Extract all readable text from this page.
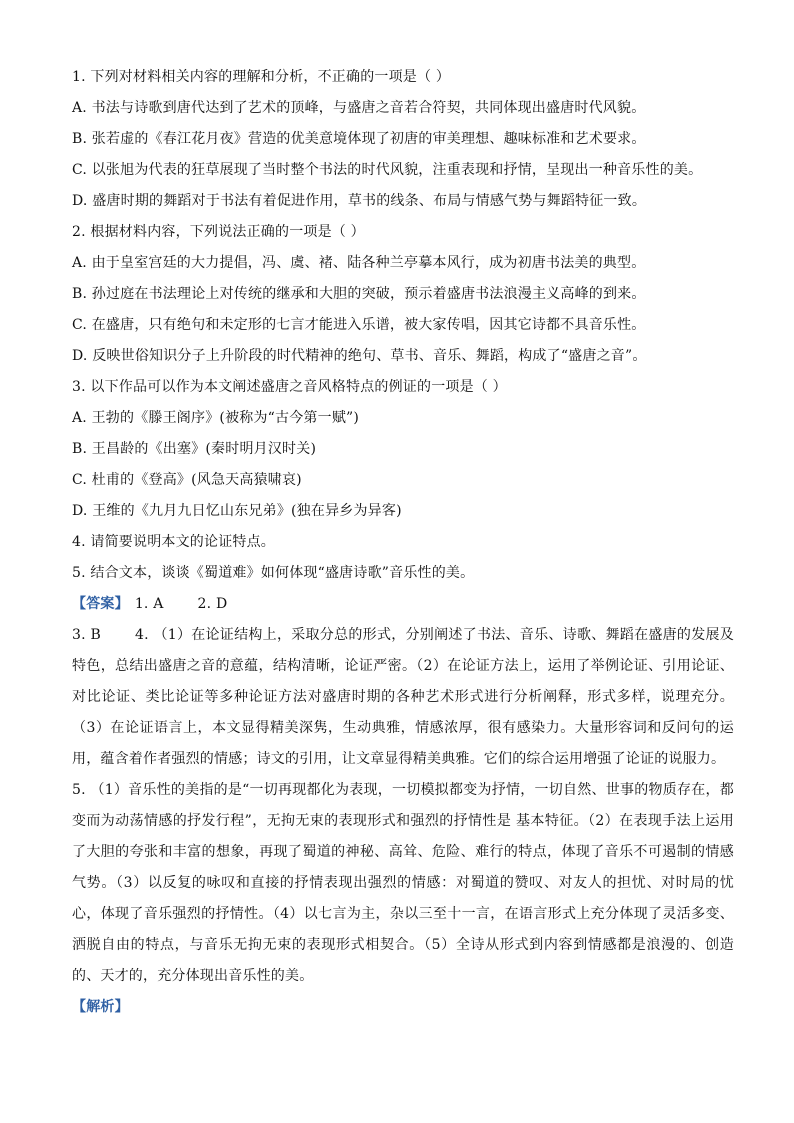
1. 下列对材料相关内容的理解和分析，不正确的一项是（ ）
A. 书法与诗歌到唐代达到了艺术的顶峰，与盛唐之音若合符契，共同体现出盛唐时代风貌。
B. 张若虚的《春江花月夜》营造的优美意境体现了初唐的审美理想、趣味标准和艺术要求。
C. 以张旭为代表的狂草展现了当时整个书法的时代风貌，注重表现和抒情，呈现出一种音乐性的美。
D. 盛唐时期的舞蹈对于书法有着促进作用，草书的线条、布局与情感气势与舞蹈特征一致。
2. 根据材料内容，下列说法正确的一项是（ ）
A. 由于皇室宫廷的大力提倡，冯、虞、褚、陆各种兰亭摹本风行，成为初唐书法美的典型。
B. 孙过庭在书法理论上对传统的继承和大胆的突破，预示着盛唐书法浪漫主义高峰的到来。
C. 在盛唐，只有绝句和未定形的七言才能进入乐谱，被大家传唱，因其它诗都不具音乐性。
D. 反映世俗知识分子上升阶段的时代精神的绝句、草书、音乐、舞蹈，构成了“盛唐之音”。
3. 以下作品可以作为本文阐述盛唐之音风格特点的例证的一项是（ ）
A. 王勃的《滕王阁序》(被称为“古今第一赋”)
B. 王昌龄的《出塞》(秦时明月汉时关)
C. 杜甫的《登高》(风急天高猿啸哀)
D. 王维的《九月九日忆山东兄弟》(独在异乡为异客)
4. 请简要说明本文的论证特点。
5. 结合文本，谈谈《蜀道难》如何体现“盛唐诗歌”音乐性的美。
【答案】 1. A 2. D

3. B 4. （1）在论证结构上，采取分总的形式，分别阐述了书法、音乐、诗歌、舞蹈在盛唐的发展及特色，总结出盛唐之音的意蕴，结构清晰，论证严密。（2）在论证方法上，运用了举例论证、引用论证、对比论证、类比论证等多种论证方法对盛唐时期的各种艺术形式进行分析阐释，形式多样，说理充分。（3）在论证语言上，本文显得精美深隽，生动典雅，情感浓厚，很有感染力。大量形容词和反问句的运用，蕴含着作者强烈的情感；诗文的引用，让文章显得精美典雅。它们的综合运用增强了论证的说服力。

5. （1）音乐性的美指的是“一切再现都化为表现，一切模拟都变为抒情，一切自然、世事的物质存在，都变而为动荡情感的抒发行程”，无拘无束的表现形式和强烈的抒情性是 基本特征。（2）在表现手法上运用了大胆的夸张和丰富的想象，再现了蜀道的神秘、高耸、危险、难行的特点，体现了音乐不可遏制的情感气势。（3）以反复的咏叹和直接的抒情表现出强烈的情感：对蜀道的赞叹、对友人的担忧、对时局的忧心，体现了音乐强烈的抒情性。（4）以七言为主，杂以三至十一言，在语言形式上充分体现了灵活多变、洒脱自由的特点，与音乐无拘无束的表现形式相契合。（5）全诗从形式到内容到情感都是浪漫的、创造的、天才的，充分体现出音乐性的美。

【解析】
